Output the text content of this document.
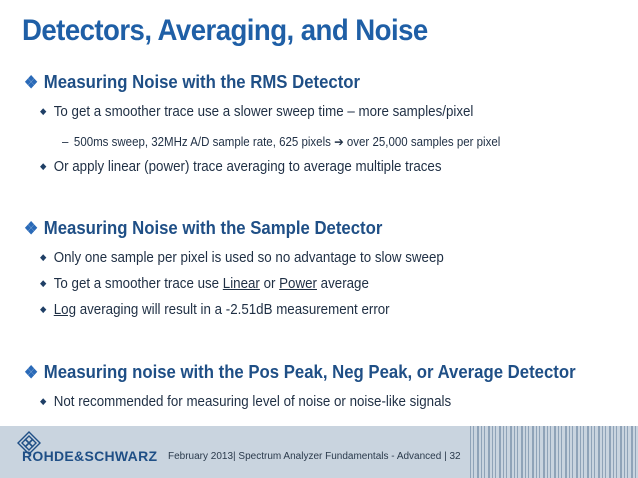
Detectors, Averaging, and Noise
❖ Measuring Noise with the RMS Detector
◆ To get a smoother trace use a slower sweep time – more samples/pixel
– 500ms sweep, 32MHz A/D sample rate, 625 pixels ➔ over 25,000 samples per pixel
◆ Or apply linear (power) trace averaging to average multiple traces
❖ Measuring Noise with the Sample Detector
◆ Only one sample per pixel is used so no advantage to slow sweep
◆ To get a smoother trace use Linear or Power average
◆ Log averaging will result in a -2.51dB measurement error
❖ Measuring noise with the Pos Peak, Neg Peak, or Average Detector
◆ Not recommended for measuring level of noise or noise-like signals
ROHDE&SCHWARZ February 2013| Spectrum Analyzer Fundamentals - Advanced | 32
